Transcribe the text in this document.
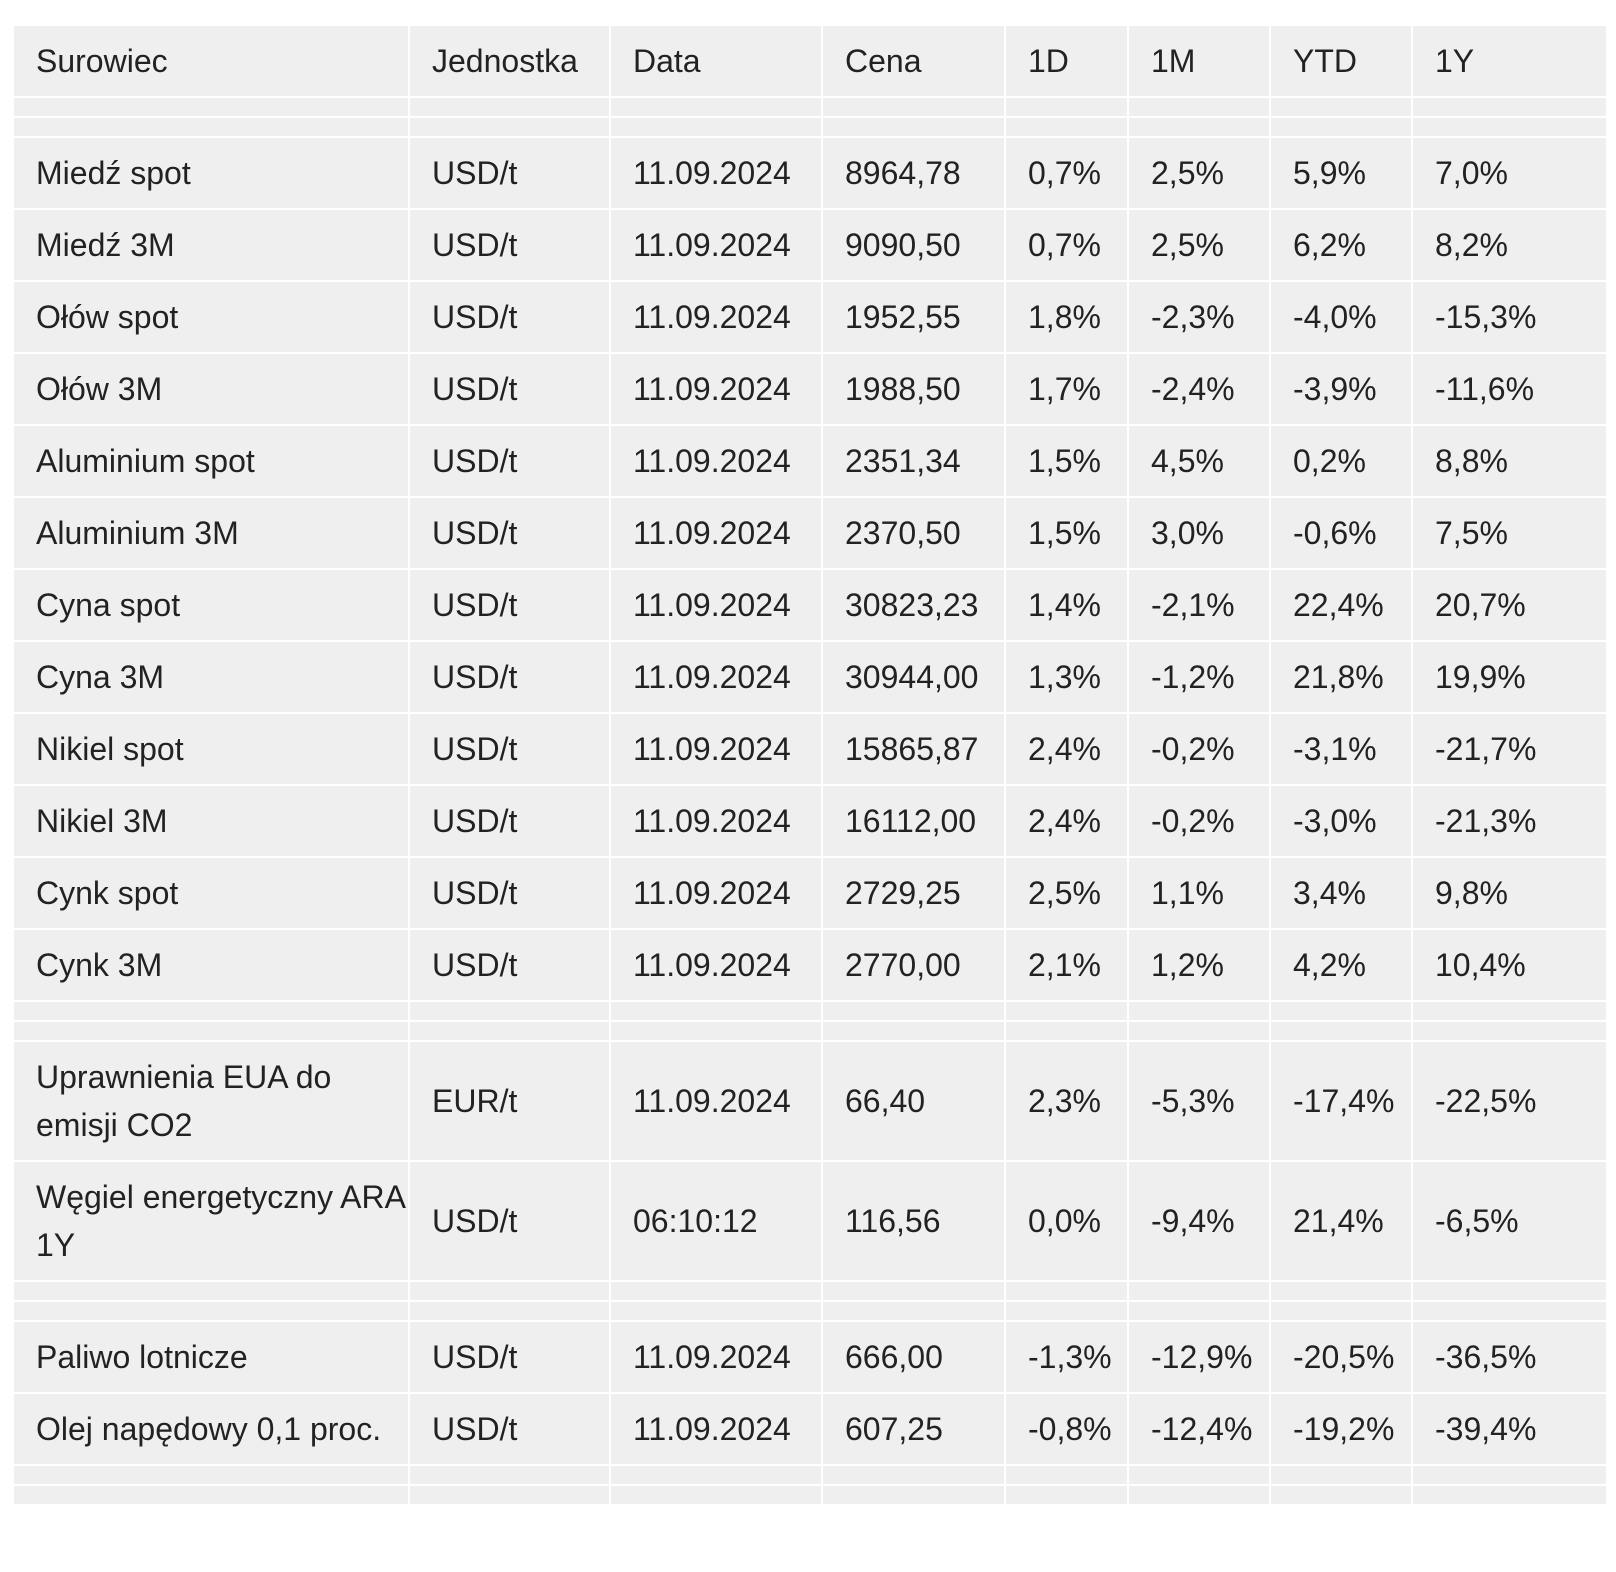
Surowiec	Jednostka	Data	Cena	1D	1M	YTD	1Y

Miedź spot	USD/t	11.09.2024	8964,78	0,7%	2,5%	5,9%	7,0%
Miedź 3M	USD/t	11.09.2024	9090,50	0,7%	2,5%	6,2%	8,2%
Ołów spot	USD/t	11.09.2024	1952,55	1,8%	-2,3%	-4,0%	-15,3%
Ołów 3M	USD/t	11.09.2024	1988,50	1,7%	-2,4%	-3,9%	-11,6%
Aluminium spot	USD/t	11.09.2024	2351,34	1,5%	4,5%	0,2%	8,8%
Aluminium 3M	USD/t	11.09.2024	2370,50	1,5%	3,0%	-0,6%	7,5%
Cyna spot	USD/t	11.09.2024	30823,23	1,4%	-2,1%	22,4%	20,7%
Cyna 3M	USD/t	11.09.2024	30944,00	1,3%	-1,2%	21,8%	19,9%
Nikiel spot	USD/t	11.09.2024	15865,87	2,4%	-0,2%	-3,1%	-21,7%
Nikiel 3M	USD/t	11.09.2024	16112,00	2,4%	-0,2%	-3,0%	-21,3%
Cynk spot	USD/t	11.09.2024	2729,25	2,5%	1,1%	3,4%	9,8%
Cynk 3M	USD/t	11.09.2024	2770,00	2,1%	1,2%	4,2%	10,4%

Uprawnienia EUA do emisji CO2	EUR/t	11.09.2024	66,40	2,3%	-5,3%	-17,4%	-22,5%
Węgiel energetyczny ARA 1Y	USD/t	06:10:12	116,56	0,0%	-9,4%	21,4%	-6,5%

Paliwo lotnicze	USD/t	11.09.2024	666,00	-1,3%	-12,9%	-20,5%	-36,5%
Olej napędowy 0,1 proc.	USD/t	11.09.2024	607,25	-0,8%	-12,4%	-19,2%	-39,4%
